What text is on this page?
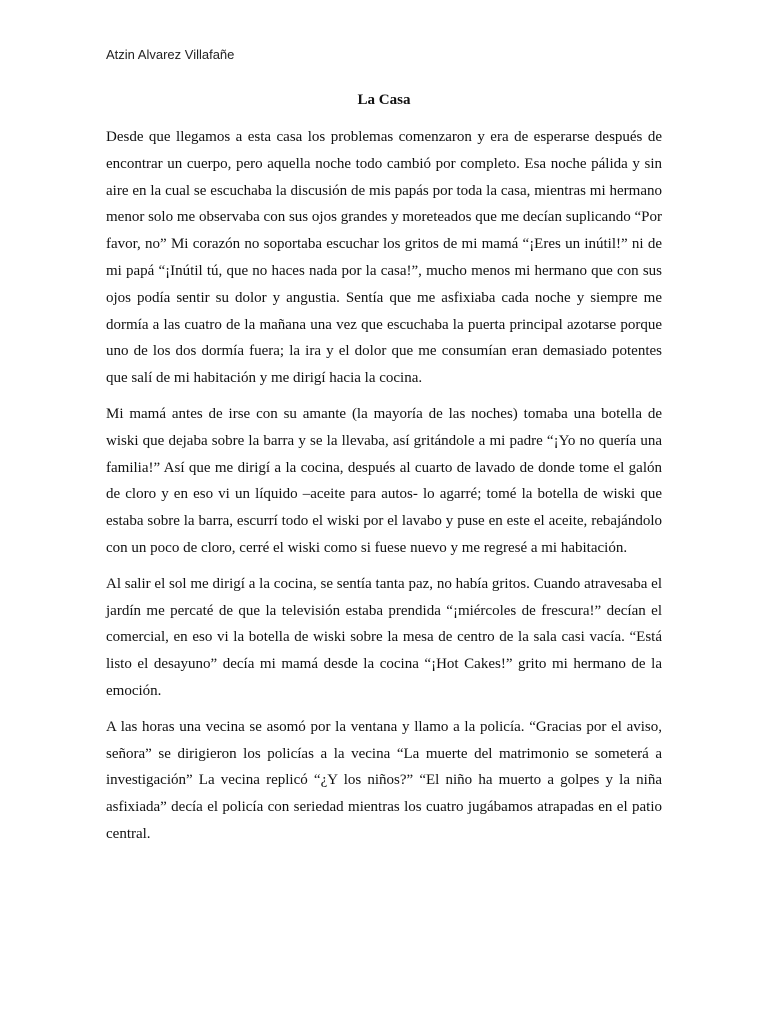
Atzin Alvarez Villafañe
La Casa

Desde que llegamos a esta casa los problemas comenzaron y era de esperarse después de encontrar un cuerpo, pero aquella noche todo cambió por completo. Esa noche pálida y sin aire en la cual se escuchaba la discusión de mis papás por toda la casa, mientras mi hermano menor solo me observaba con sus ojos grandes y moreteados que me decían suplicando “Por favor, no” Mi corazón no soportaba escuchar los gritos de mi mamá “¡Eres un inútil!” ni de mi papá “¡Inútil tú, que no haces nada por la casa!”, mucho menos mi hermano que con sus ojos podía sentir su dolor y angustia. Sentía que me asfixiaba cada noche y siempre me dormía a las cuatro de la mañana una vez que escuchaba la puerta principal azotarse porque uno de los dos dormía fuera; la ira y el dolor que me consumían eran demasiado potentes que salí de mi habitación y me dirigí hacia la cocina.

Mi mamá antes de irse con su amante (la mayoría de las noches) tomaba una botella de wiski que dejaba sobre la barra y se la llevaba, así gritándole a mi padre “¡Yo no quería una familia!” Así que me dirigí a la cocina, después al cuarto de lavado de donde tome el galón de cloro y en eso vi un líquido –aceite para autos- lo agarré; tomé la botella de wiski que estaba sobre la barra, escurrí todo el wiski por el lavabo y puse en este el aceite, rebajándolo con un poco de cloro, cerré el wiski como si fuese nuevo y me regresé a mi habitación.

Al salir el sol me dirigí a la cocina, se sentía tanta paz, no había gritos. Cuando atravesaba el jardín me percaté de que la televisión estaba prendida “¡miércoles de frescura!” decían el comercial, en eso vi la botella de wiski sobre la mesa de centro de la sala casi vacía. “Está listo el desayuno” decía mi mamá desde la cocina “¡Hot Cakes!” grito mi hermano de la emoción.

A las horas una vecina se asomó por la ventana y llamo a la policía. “Gracias por el aviso, señora” se dirigieron los policías a la vecina “La muerte del matrimonio se someterá a investigación” La vecina replicó “¿Y los niños?” “El niño ha muerto a golpes y la niña asfixiada” decía el policía con seriedad mientras los cuatro jugábamos atrapadas en el patio central.
